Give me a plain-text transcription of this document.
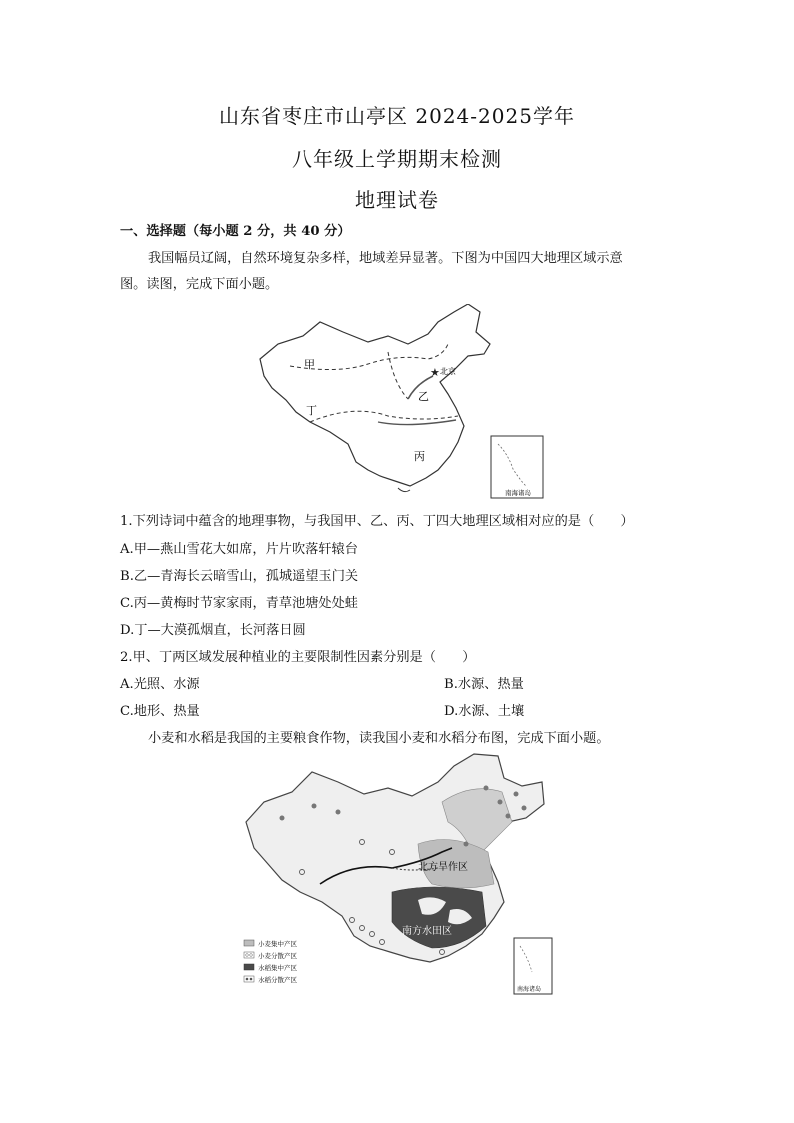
山东省枣庄市山亭区 2024-2025学年
八年级上学期期末检测
地理试卷
一、选择题（每小题 2 分，共 40 分）
我国幅员辽阔，自然环境复杂多样，地域差异显著。下图为中国四大地理区域示意
图。读图，完成下面小题。
甲
丁
乙
丙
★ 北京
南海诸岛
1.下列诗词中蕴含的地理事物，与我国甲、乙、丙、丁四大地理区域相对应的是（　　）
A.甲—燕山雪花大如席，片片吹落轩辕台
B.乙—青海长云暗雪山，孤城遥望玉门关
C.丙—黄梅时节家家雨，青草池塘处处蛙
D.丁—大漠孤烟直，长河落日圆
2.甲、丁两区域发展种植业的主要限制性因素分别是（　　）
A.光照、水源	B.水源、热量
C.地形、热量	D.水源、土壤
小麦和水稻是我国的主要粮食作物，读我国小麦和水稻分布图，完成下面小题。
北方旱作区
南方水田区
南海诸岛
小麦集中产区
小麦分散产区
水稻集中产区
水稻分散产区
